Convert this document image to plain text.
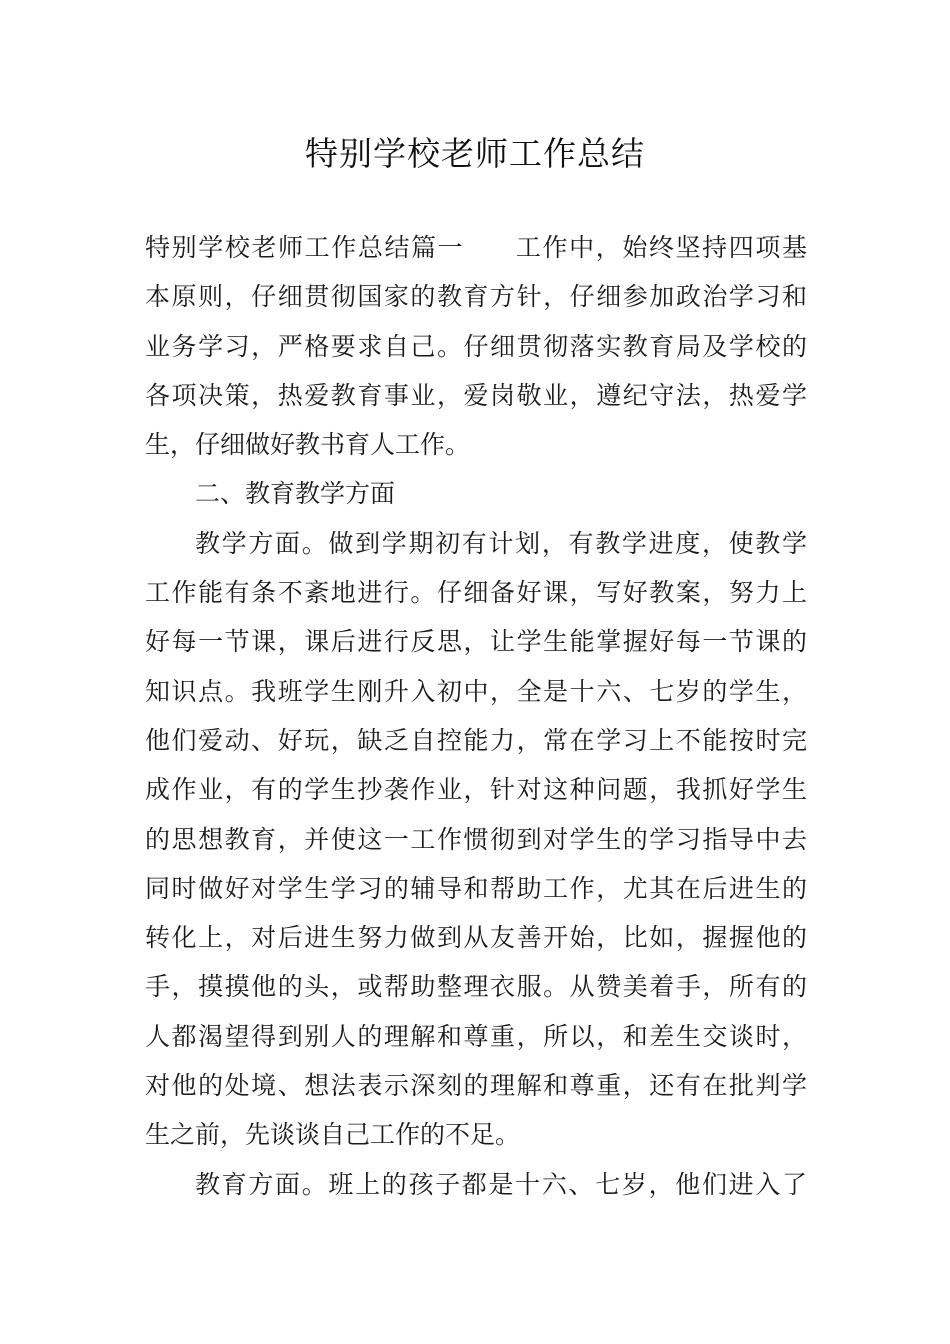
特别学校老师工作总结
特别学校老师工作总结篇一 工作中，始终坚持四项基
本原则，仔细贯彻国家的教育方针，仔细参加政治学习和
业务学习，严格要求自己。仔细贯彻落实教育局及学校的
各项决策，热爱教育事业，爱岗敬业，遵纪守法，热爱学
生，仔细做好教书育人工作。
二、教育教学方面
教学方面。做到学期初有计划，有教学进度，使教学
工作能有条不紊地进行。仔细备好课，写好教案，努力上
好每一节课，课后进行反思，让学生能掌握好每一节课的
知识点。我班学生刚升入初中，全是十六、七岁的学生，
他们爱动、好玩，缺乏自控能力，常在学习上不能按时完
成作业，有的学生抄袭作业，针对这种问题，我抓好学生
的思想教育，并使这一工作惯彻到对学生的学习指导中去
同时做好对学生学习的辅导和帮助工作，尤其在后进生的
转化上，对后进生努力做到从友善开始，比如，握握他的
手，摸摸他的头，或帮助整理衣服。从赞美着手，所有的
人都渴望得到别人的理解和尊重，所以，和差生交谈时，
对他的处境、想法表示深刻的理解和尊重，还有在批判学
生之前，先谈谈自己工作的不足。
教育方面。班上的孩子都是十六、七岁，他们进入了
